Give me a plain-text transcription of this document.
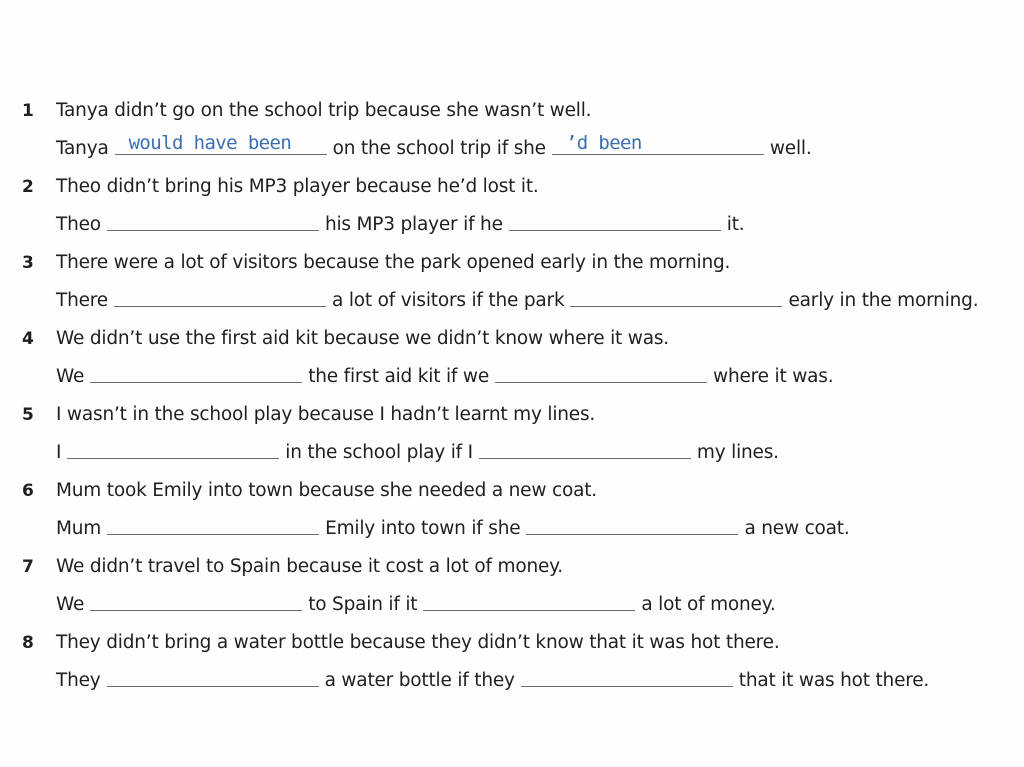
1	Tanya didn’t go on the school trip because she wasn’t well.
Tanya would have been on the school trip if she ’d been	well.
2	Theo didn’t bring his MP3 player because he’d lost it.
Theo	his MP3 player if he	it.
3	There were a lot of visitors because the park opened early in the morning.
There	a lot of visitors if the park	early in the morning.
4	We didn’t use the first aid kit because we didn’t know where it was.
We	the first aid kit if we	where it was.
5	I wasn’t in the school play because I hadn’t learnt my lines.
I	in the school play if I	my lines.
6	Mum took Emily into town because she needed a new coat.
Mum	Emily into town if she	a new coat.
7	We didn’t travel to Spain because it cost a lot of money.
We	to Spain if it	a lot of money.
8	They didn’t bring a water bottle because they didn’t know that it was hot there.
They	a water bottle if they	that it was hot there.
